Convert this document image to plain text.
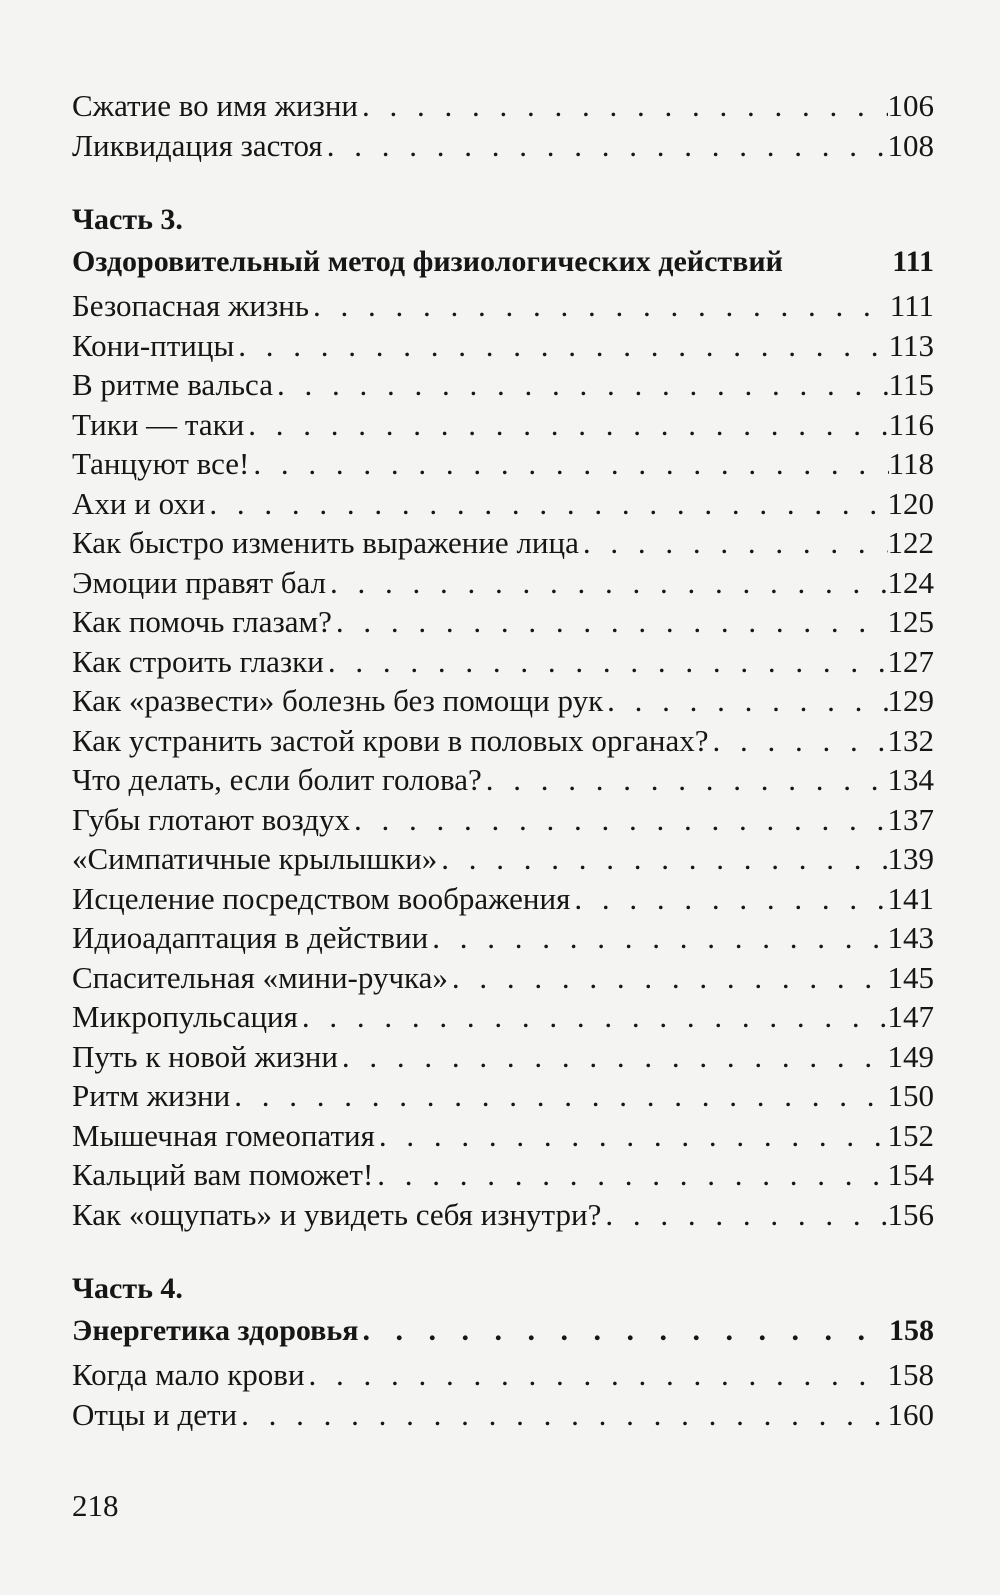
Сжатие во имя жизни . . .	106
Ликвидация застоя . . .	108
Часть 3.
Оздоровительный метод физиологических действий	111
Безопасная жизнь . . .	111
Кони-птицы . . .	113
В ритме вальса . . .	115
Тики — таки . . .	116
Танцуют все! . . .	118
Ахи и охи . . .	120
Как быстро изменить выражение лица . . .	122
Эмоции правят бал . . .	124
Как помочь глазам? . . .	125
Как строить глазки . . .	127
Как «развести» болезнь без помощи рук . . .	129
Как устранить застой крови в половых органах? . . .	132
Что делать, если болит голова? . . .	134
Губы глотают воздух . . .	137
«Симпатичные крылышки» . . .	139
Исцеление посредством воображения . . .	141
Идиоадаптация в действии . . .	143
Спасительная «мини-ручка» . . .	145
Микропульсация . . .	147
Путь к новой жизни . . .	149
Ритм жизни . . .	150
Мышечная гомеопатия . . .	152
Кальций вам поможет! . . .	154
Как «ощупать» и увидеть себя изнутри? . . .	156
Часть 4.
Энергетика здоровья . . .	158
Когда мало крови . . .	158
Отцы и дети . . .	160
218
